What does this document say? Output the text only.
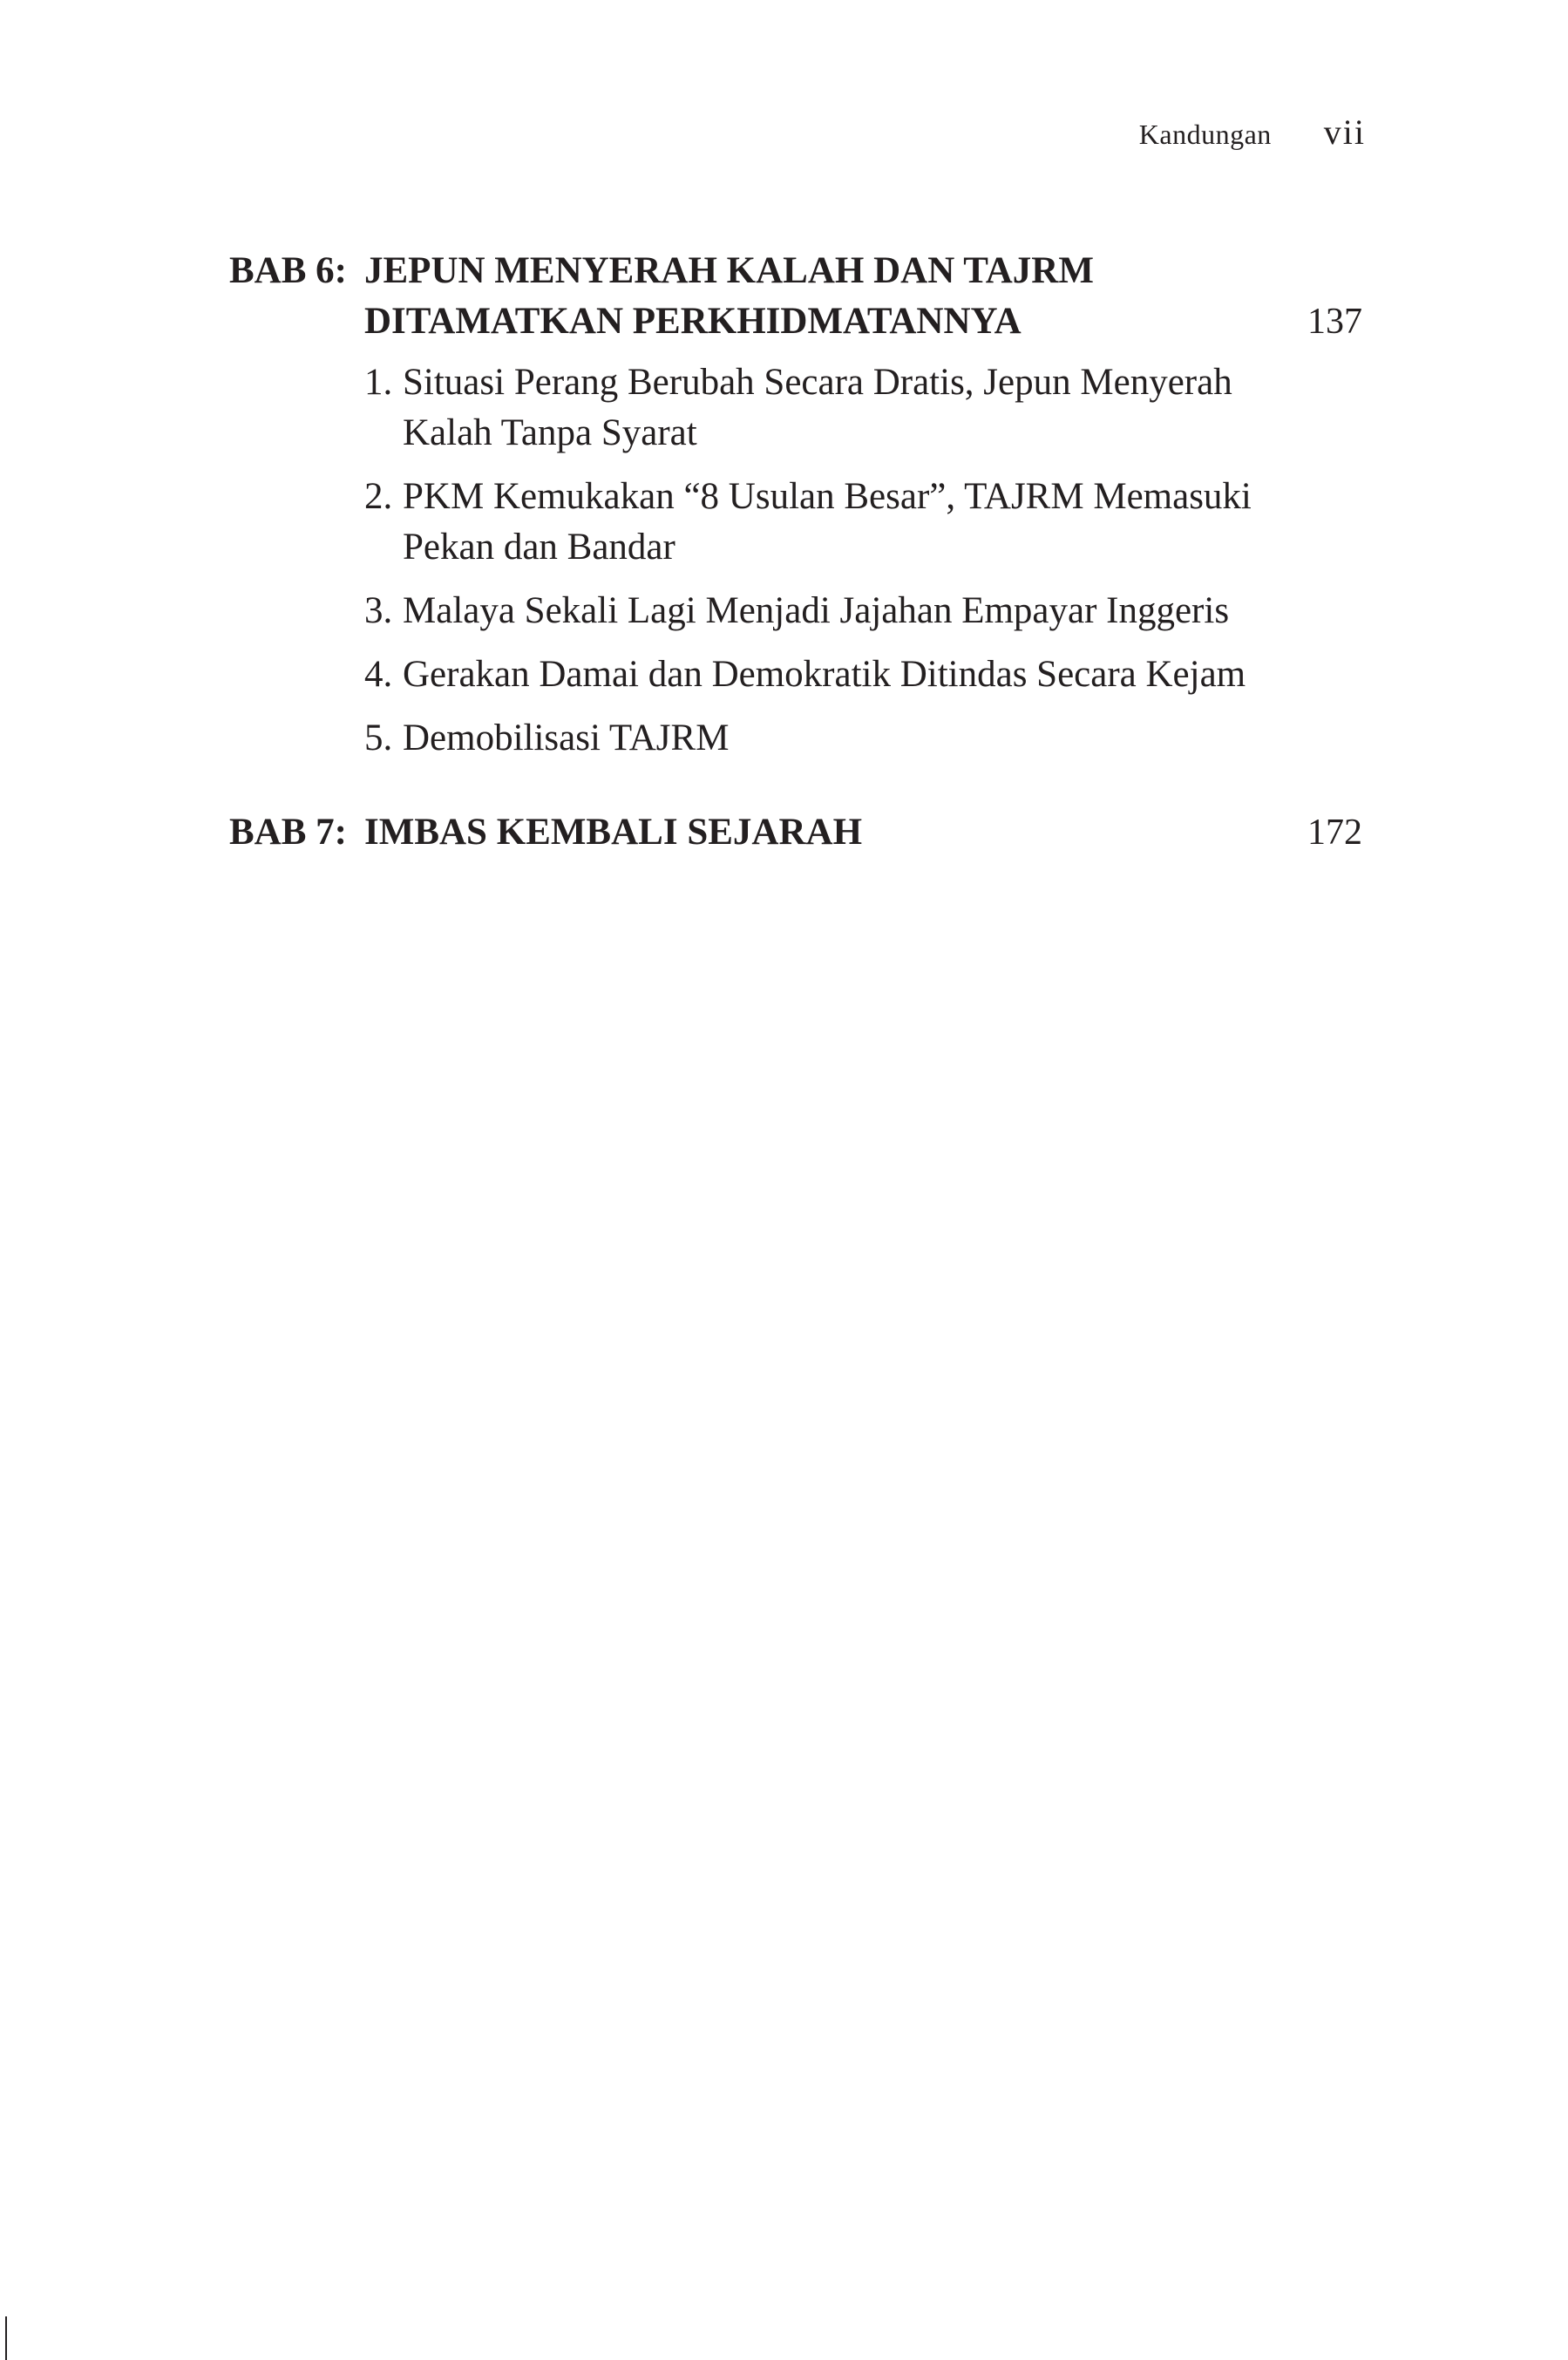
Kandungan vii
BAB 6: JEPUN MENYERAH KALAH DAN TAJRM
DITAMATKAN PERKHIDMATANNYA	137
1. Situasi Perang Berubah Secara Dratis, Jepun Menyerah
Kalah Tanpa Syarat
2. PKM Kemukakan “8 Usulan Besar”, TAJRM Memasuki
Pekan dan Bandar
3. Malaya Sekali Lagi Menjadi Jajahan Empayar Inggeris
4. Gerakan Damai dan Demokratik Ditindas Secara Kejam
5. Demobilisasi TAJRM
BAB 7: IMBAS KEMBALI SEJARAH	172
